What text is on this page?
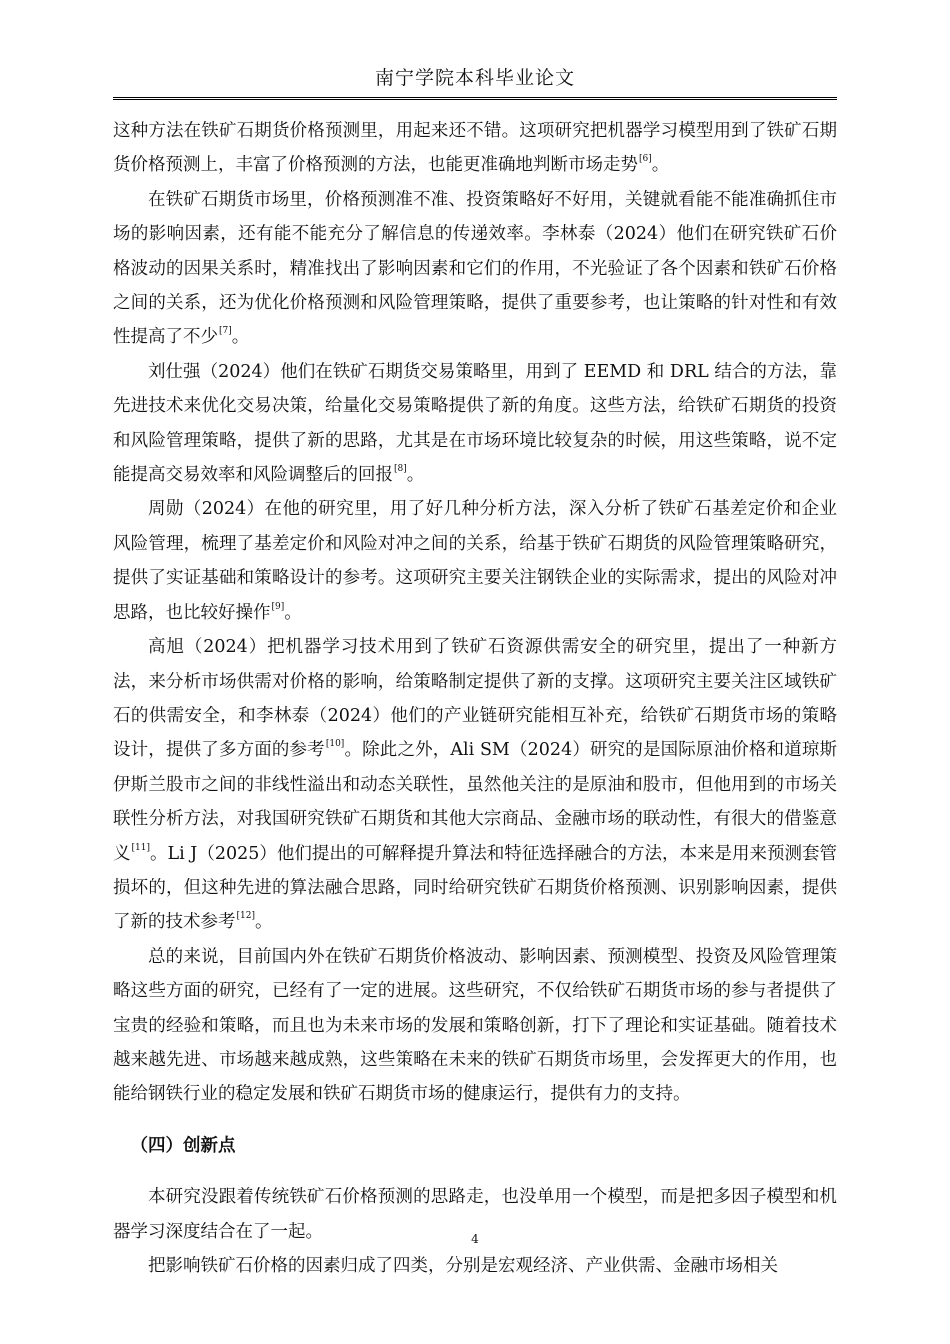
南宁学院本科毕业论文

这种方法在铁矿石期货价格预测里，用起来还不错。这项研究把机器学习模型用到了铁矿石期货价格预测上，丰富了价格预测的方法，也能更准确地判断市场走势[6]。

在铁矿石期货市场里，价格预测准不准、投资策略好不好用，关键就看能不能准确抓住市场的影响因素，还有能不能充分了解信息的传递效率。李林泰（2024）他们在研究铁矿石价格波动的因果关系时，精准找出了影响因素和它们的作用，不光验证了各个因素和铁矿石价格之间的关系，还为优化价格预测和风险管理策略，提供了重要参考，也让策略的针对性和有效性提高了不少[7]。

刘仕强（2024）他们在铁矿石期货交易策略里，用到了 EEMD 和 DRL 结合的方法，靠先进技术来优化交易决策，给量化交易策略提供了新的角度。这些方法，给铁矿石期货的投资和风险管理策略，提供了新的思路，尤其是在市场环境比较复杂的时候，用这些策略，说不定能提高交易效率和风险调整后的回报[8]。

周勋（2024）在他的研究里，用了好几种分析方法，深入分析了铁矿石基差定价和企业风险管理，梳理了基差定价和风险对冲之间的关系，给基于铁矿石期货的风险管理策略研究，提供了实证基础和策略设计的参考。这项研究主要关注钢铁企业的实际需求，提出的风险对冲思路，也比较好操作[9]。

高旭（2024）把机器学习技术用到了铁矿石资源供需安全的研究里，提出了一种新方法，来分析市场供需对价格的影响，给策略制定提供了新的支撑。这项研究主要关注区域铁矿石的供需安全，和李林泰（2024）他们的产业链研究能相互补充，给铁矿石期货市场的策略设计，提供了多方面的参考[10]。除此之外，Ali SM（2024）研究的是国际原油价格和道琼斯伊斯兰股市之间的非线性溢出和动态关联性，虽然他关注的是原油和股市，但他用到的市场关联性分析方法，对我国研究铁矿石期货和其他大宗商品、金融市场的联动性，有很大的借鉴意义[11]。Li J（2025）他们提出的可解释提升算法和特征选择融合的方法，本来是用来预测套管损坏的，但这种先进的算法融合思路，同时给研究铁矿石期货价格预测、识别影响因素，提供了新的技术参考[12]。

总的来说，目前国内外在铁矿石期货价格波动、影响因素、预测模型、投资及风险管理策略这些方面的研究，已经有了一定的进展。这些研究，不仅给铁矿石期货市场的参与者提供了宝贵的经验和策略，而且也为未来市场的发展和策略创新，打下了理论和实证基础。随着技术越来越先进、市场越来越成熟，这些策略在未来的铁矿石期货市场里，会发挥更大的作用，也能给钢铁行业的稳定发展和铁矿石期货市场的健康运行，提供有力的支持。

（四）创新点

本研究没跟着传统铁矿石价格预测的思路走，也没单用一个模型，而是把多因子模型和机器学习深度结合在了一起。

把影响铁矿石价格的因素归成了四类，分别是宏观经济、产业供需、金融市场相关

4
